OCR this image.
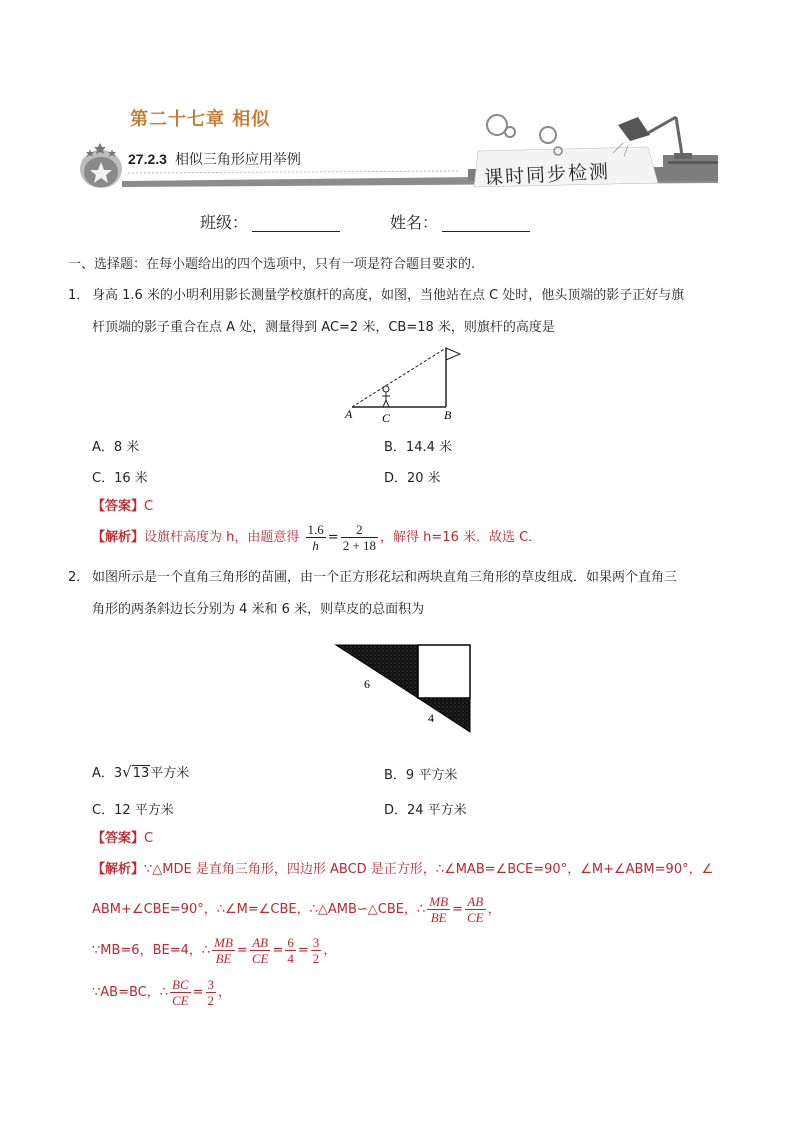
第二十七章 相似
27.2.3 相似三角形应用举例
课时同步检测
班级：	姓名：
一、选择题：在每小题给出的四个选项中，只有一项是符合题目要求的.
1． 身高 1.6 米的小明利用影长测量学校旗杆的高度，如图，当他站在点 C 处时，他头顶端的影子正好与旗
杆顶端的影子重合在点 A 处，测量得到 AC=2 米，CB=18 米，则旗杆的高度是
A C	B
A．8 米	B．14.4 米
C．16 米	D．20 米
【答案】C
【解析】设旗杆高度为 h，由题意得 $\frac{1.6}{h} = \frac{2}{2 + 18}$ ，解得 h=16 米．故选 C．
2． 如图所示是一个直角三角形的苗圃，由一个正方形花坛和两块直角三角形的草皮组成．如果两个直角三
角形的两条斜边长分别为 4 米和 6 米，则草皮的总面积为
6
4
A．3√13平方米	B．9 平方米
C．12 平方米	D．24 平方米
【答案】C
【解析】∵△MDE 是直角三角形，四边形 ABCD 是正方形，∴∠MAB=∠BCE=90°，∠M+∠ABM=90°，∠
ABM+∠CBE=90°，∴∠M=∠CBE，∴△AMB∽△CBE，∴ $\frac{MB}{BE} = \frac{AB}{CE}$ ，
∵MB=6，BE=4，∴ $\frac{MB}{BE} = \frac{AB}{CE} = \frac{6}{4} = \frac{3}{2}$ ，
∵AB=BC，∴ $\frac{BC}{CE} = \frac{3}{2}$ ，
